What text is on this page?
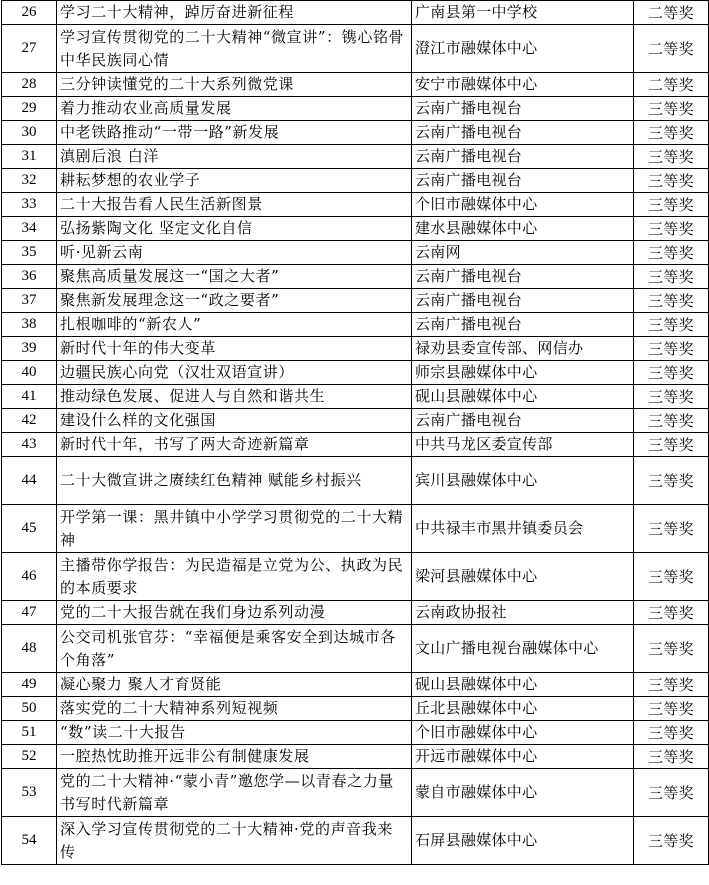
26	学习二十大精神，踔厉奋进新征程	广南县第一中学校	二等奖
27	学习宣传贯彻党的二十大精神“微宣讲”：镌心铭骨中华民族同心情	澄江市融媒体中心	二等奖
28	三分钟读懂党的二十大系列微党课	安宁市融媒体中心	二等奖
29	着力推动农业高质量发展	云南广播电视台	三等奖
30	中老铁路推动“一带一路”新发展	云南广播电视台	三等奖
31	滇剧后浪 白洋	云南广播电视台	三等奖
32	耕耘梦想的农业学子	云南广播电视台	三等奖
33	二十大报告看人民生活新图景	个旧市融媒体中心	三等奖
34	弘扬紫陶文化 坚定文化自信	建水县融媒体中心	三等奖
35	听·见新云南	云南网	三等奖
36	聚焦高质量发展这一“国之大者”	云南广播电视台	三等奖
37	聚焦新发展理念这一“政之要者”	云南广播电视台	三等奖
38	扎根咖啡的“新农人”	云南广播电视台	三等奖
39	新时代十年的伟大变革	禄劝县委宣传部、网信办	三等奖
40	边疆民族心向党（汉壮双语宣讲）	师宗县融媒体中心	三等奖
41	推动绿色发展、促进人与自然和谐共生	砚山县融媒体中心	三等奖
42	建设什么样的文化强国	云南广播电视台	三等奖
43	新时代十年，书写了两大奇迹新篇章	中共马龙区委宣传部	三等奖
44	二十大微宣讲之赓续红色精神 赋能乡村振兴	宾川县融媒体中心	三等奖
45	开学第一课：黑井镇中小学学习贯彻党的二十大精神	中共禄丰市黑井镇委员会	三等奖
46	主播带你学报告：为民造福是立党为公、执政为民的本质要求	梁河县融媒体中心	三等奖
47	党的二十大报告就在我们身边系列动漫	云南政协报社	三等奖
48	公交司机张官芬：“幸福便是乘客安全到达城市各个角落”	文山广播电视台融媒体中心	三等奖
49	凝心聚力 聚人才育贤能	砚山县融媒体中心	三等奖
50	落实党的二十大精神系列短视频	丘北县融媒体中心	三等奖
51	“数”读二十大报告	个旧市融媒体中心	三等奖
52	一腔热忱助推开远非公有制健康发展	开远市融媒体中心	三等奖
53	党的二十大精神·“蒙小青”邀您学—以青春之力量书写时代新篇章	蒙自市融媒体中心	三等奖
54	深入学习宣传贯彻党的二十大精神·党的声音我来传	石屏县融媒体中心	三等奖
